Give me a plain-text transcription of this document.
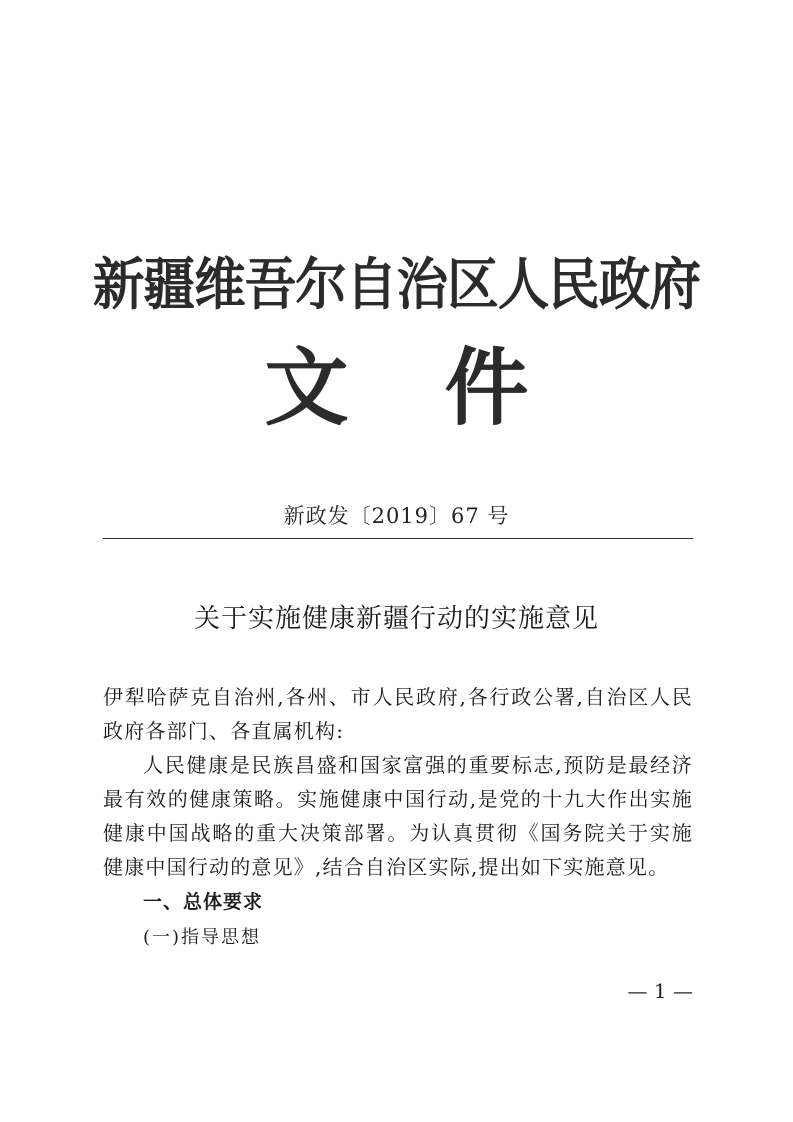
新疆维吾尔自治区人民政府
文件
新政发〔2019〕67 号
关于实施健康新疆行动的实施意见

伊犁哈萨克自治州,各州、市人民政府,各行政公署,自治区人民政府各部门、各直属机构:

人民健康是民族昌盛和国家富强的重要标志,预防是最经济最有效的健康策略。实施健康中国行动,是党的十九大作出实施健康中国战略的重大决策部署。为认真贯彻《国务院关于实施健康中国行动的意见》,结合自治区实际,提出如下实施意见。

一、总体要求
(一)指导思想
— 1 —
